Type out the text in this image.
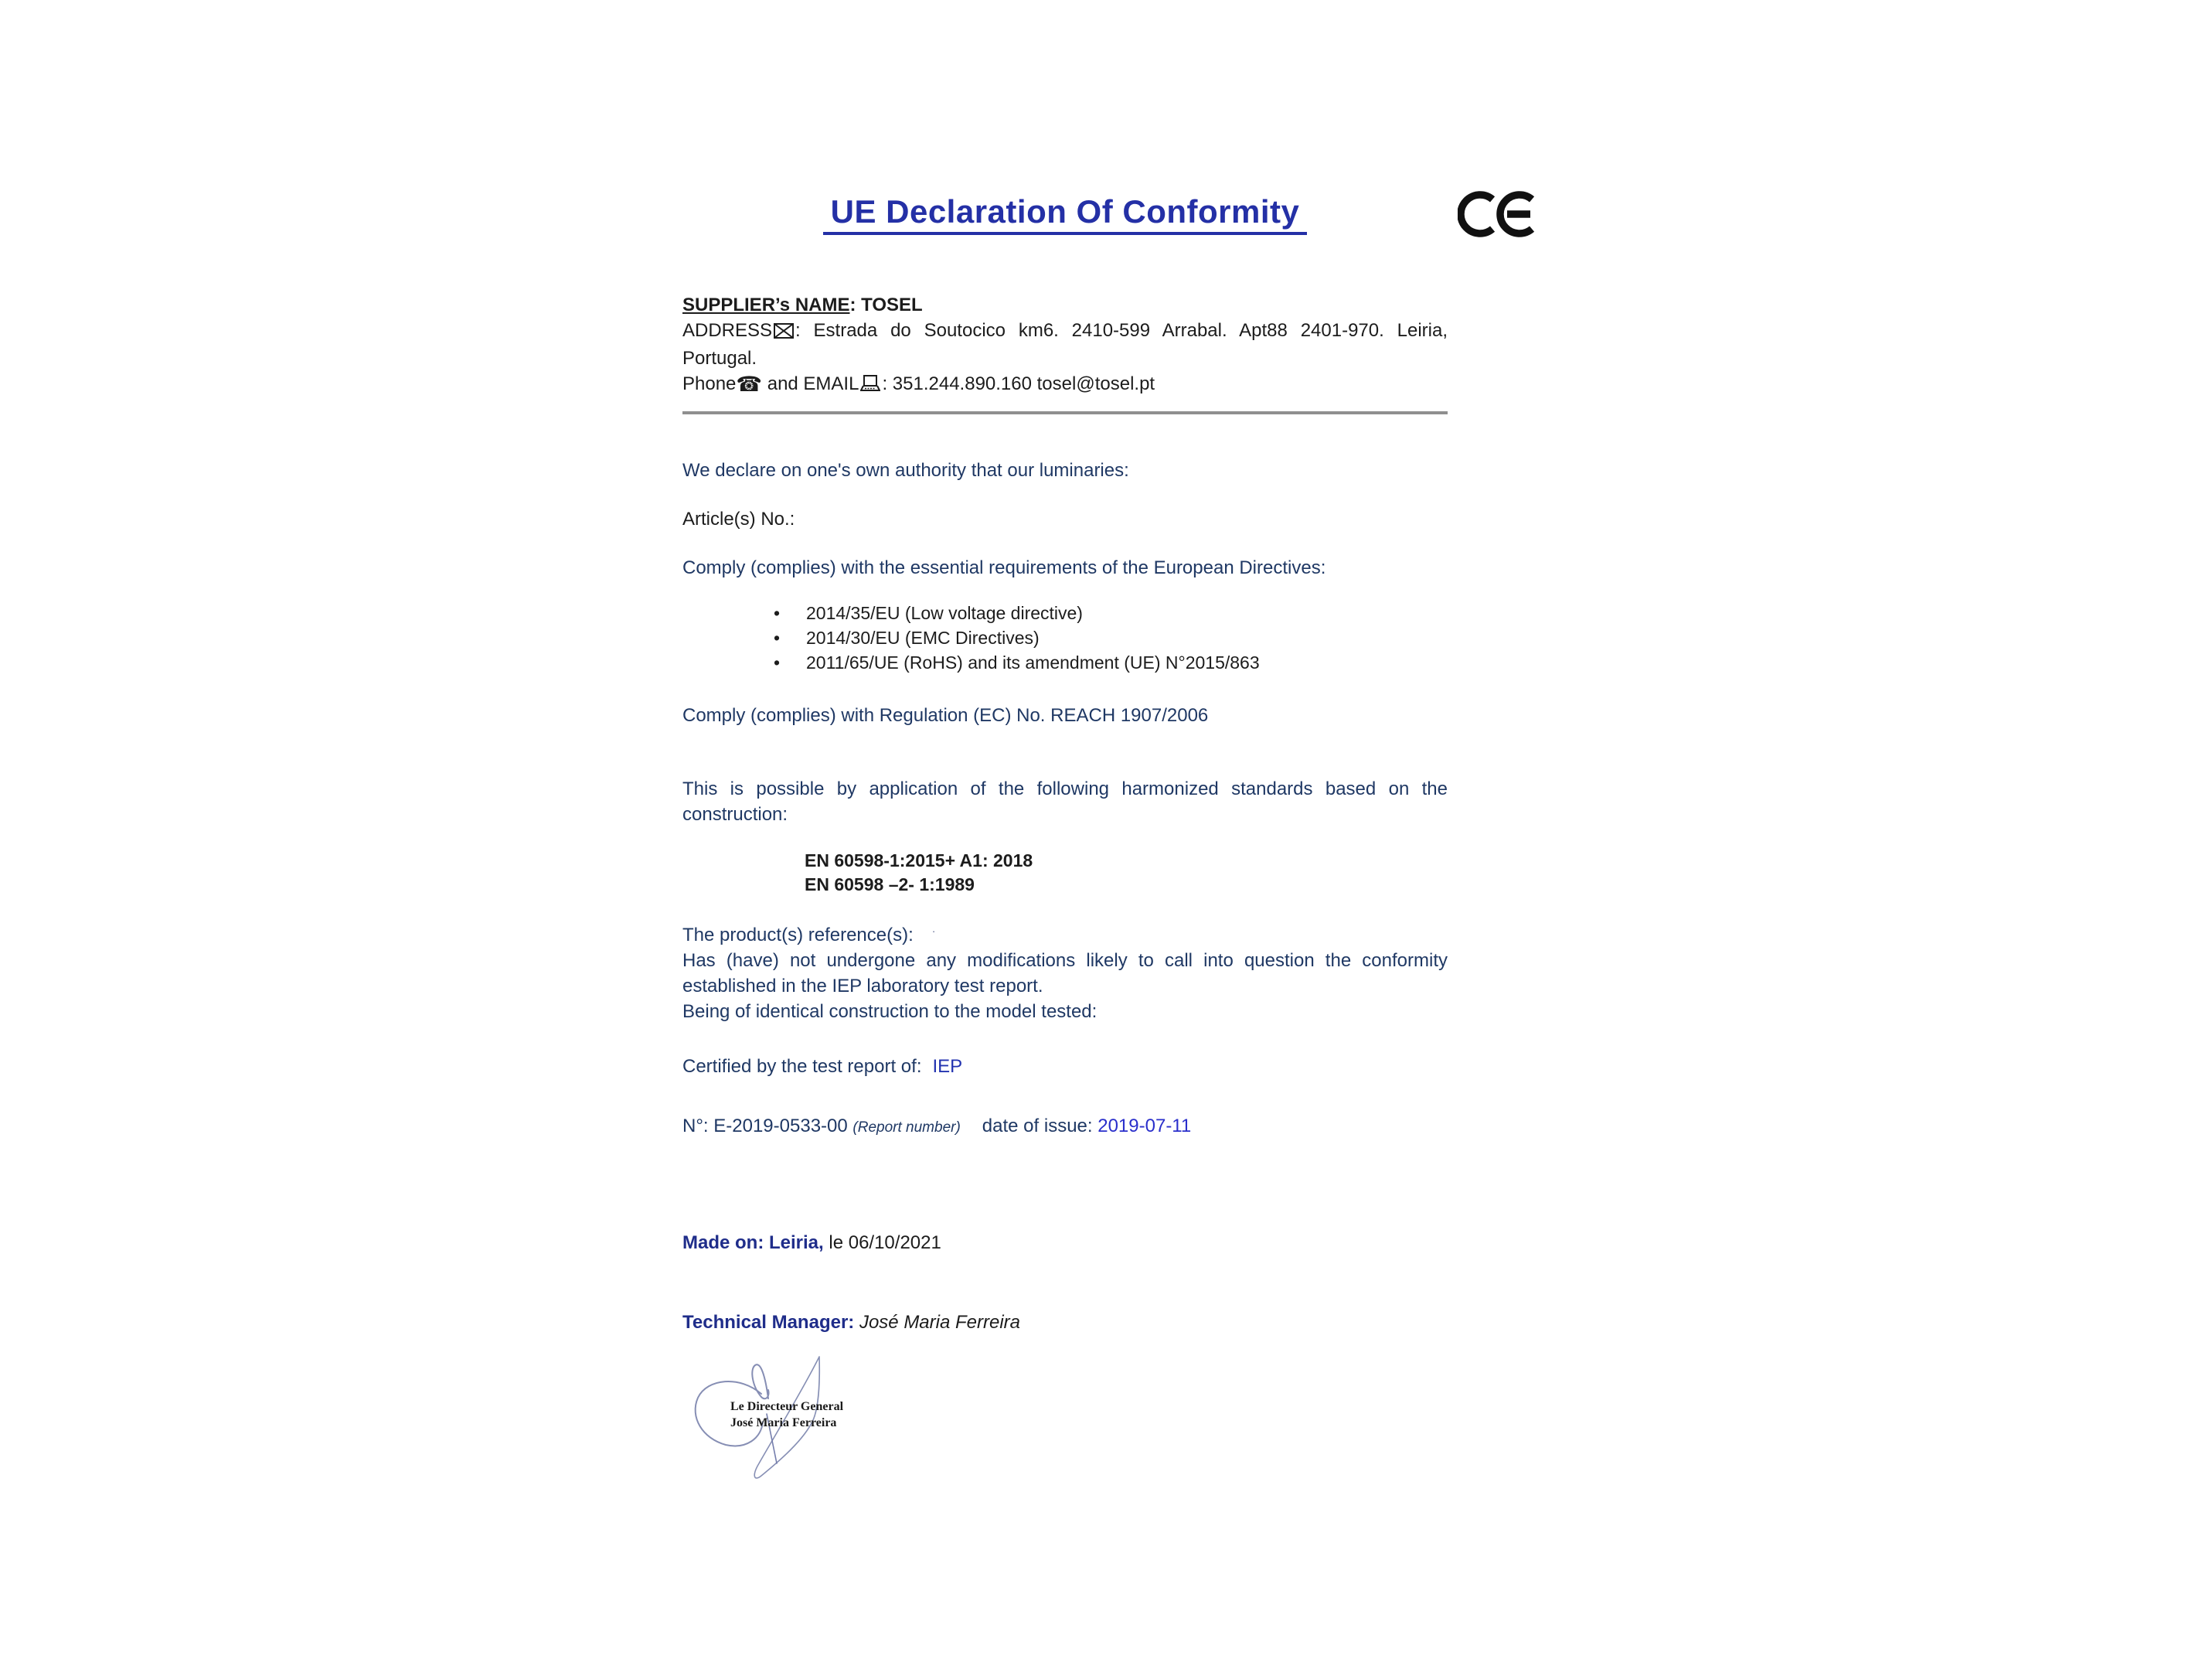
UE Declaration Of Conformity
SUPPLIER’s NAME: TOSEL
ADDRESS : Estrada do Soutocico km6. 2410-599 Arrabal. Apt88 2401-970. Leiria,
Portugal.
Phone☎ and EMAIL : 351.244.890.160 tosel@tosel.pt
We declare on one's own authority that our luminaries:
Article(s) No.:
Comply (complies) with the essential requirements of the European Directives:
• 2014/35/EU (Low voltage directive)
• 2014/30/EU (EMC Directives)
• 2011/65/UE (RoHS) and its amendment (UE) N°2015/863
Comply (complies) with Regulation (EC) No. REACH 1907/2006
This is possible by application of the following harmonized standards based on the
construction:
EN 60598-1:2015+ A1: 2018
EN 60598 –2- 1:1989
The product(s) reference(s): ·
Has (have) not undergone any modifications likely to call into question the conformity
established in the IEP laboratory test report.
Being of identical construction to the model tested:
Certified by the test report of: IEP
N°: E-2019-0533-00 (Report number) date of issue: 2019-07-11
Made on: Leiria, le 06/10/2021
Technical Manager: José Maria Ferreira
Le Directeur General
José Maria Ferreira
